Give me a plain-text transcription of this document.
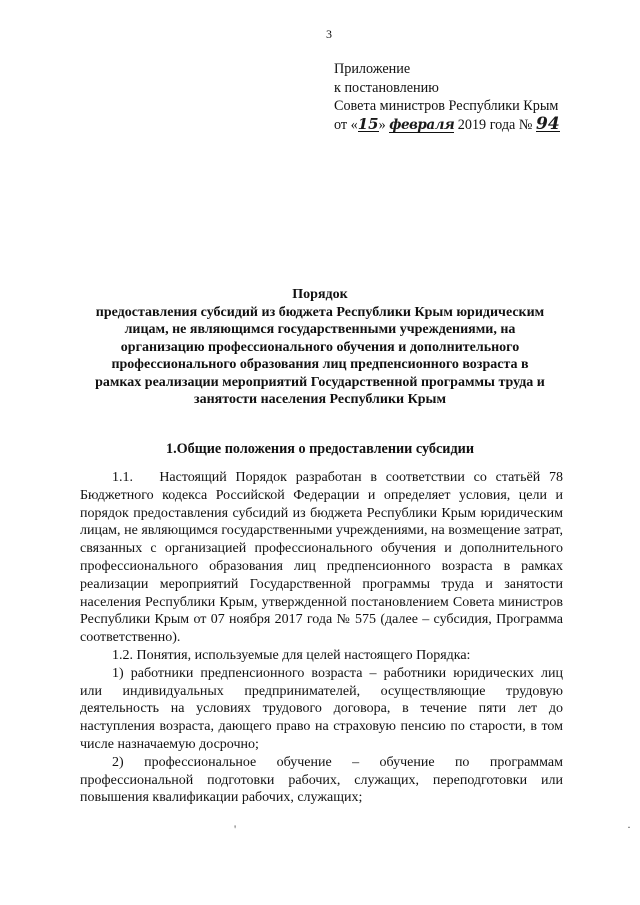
3
Приложение
к постановлению
Совета министров Республики Крым
от «15» февраля 2019 года № 94
Порядок
предоставления субсидий из бюджета Республики Крым юридическим
лицам, не являющимся государственными учреждениями, на
организацию профессионального обучения и дополнительного
профессионального образования лиц предпенсионного возраста в
рамках реализации мероприятий Государственной программы труда и
занятости населения Республики Крым
1.Общие положения о предоставлении субсидии

1.1.   Настоящий Порядок разработан в соответствии со статьёй 78 Бюджетного кодекса Российской Федерации и определяет условия, цели и порядок предоставления субсидий из бюджета Республики Крым юридическим лицам, не являющимся государственными учреждениями, на возмещение затрат, связанных с организацией профессионального обучения и дополнительного профессионального образования лиц предпенсионного возраста в рамках реализации мероприятий Государственной программы труда и занятости населения Республики Крым, утвержденной постановлением Совета министров Республики Крым от 07 ноября 2017 года № 575 (далее – субсидия, Программа соответственно).

1.2. Понятия, используемые для целей настоящего Порядка:

1) работники предпенсионного возраста – работники юридических лиц или индивидуальных предпринимателей, осуществляющие трудовую деятельность на условиях трудового договора, в течение пяти лет до наступления возраста, дающего право на страховую пенсию по старости, в том числе назначаемую досрочно;

2) профессиональное обучение – обучение по программам профессиональной подготовки рабочих, служащих, переподготовки или повышения квалификации рабочих, служащих;

'	·
